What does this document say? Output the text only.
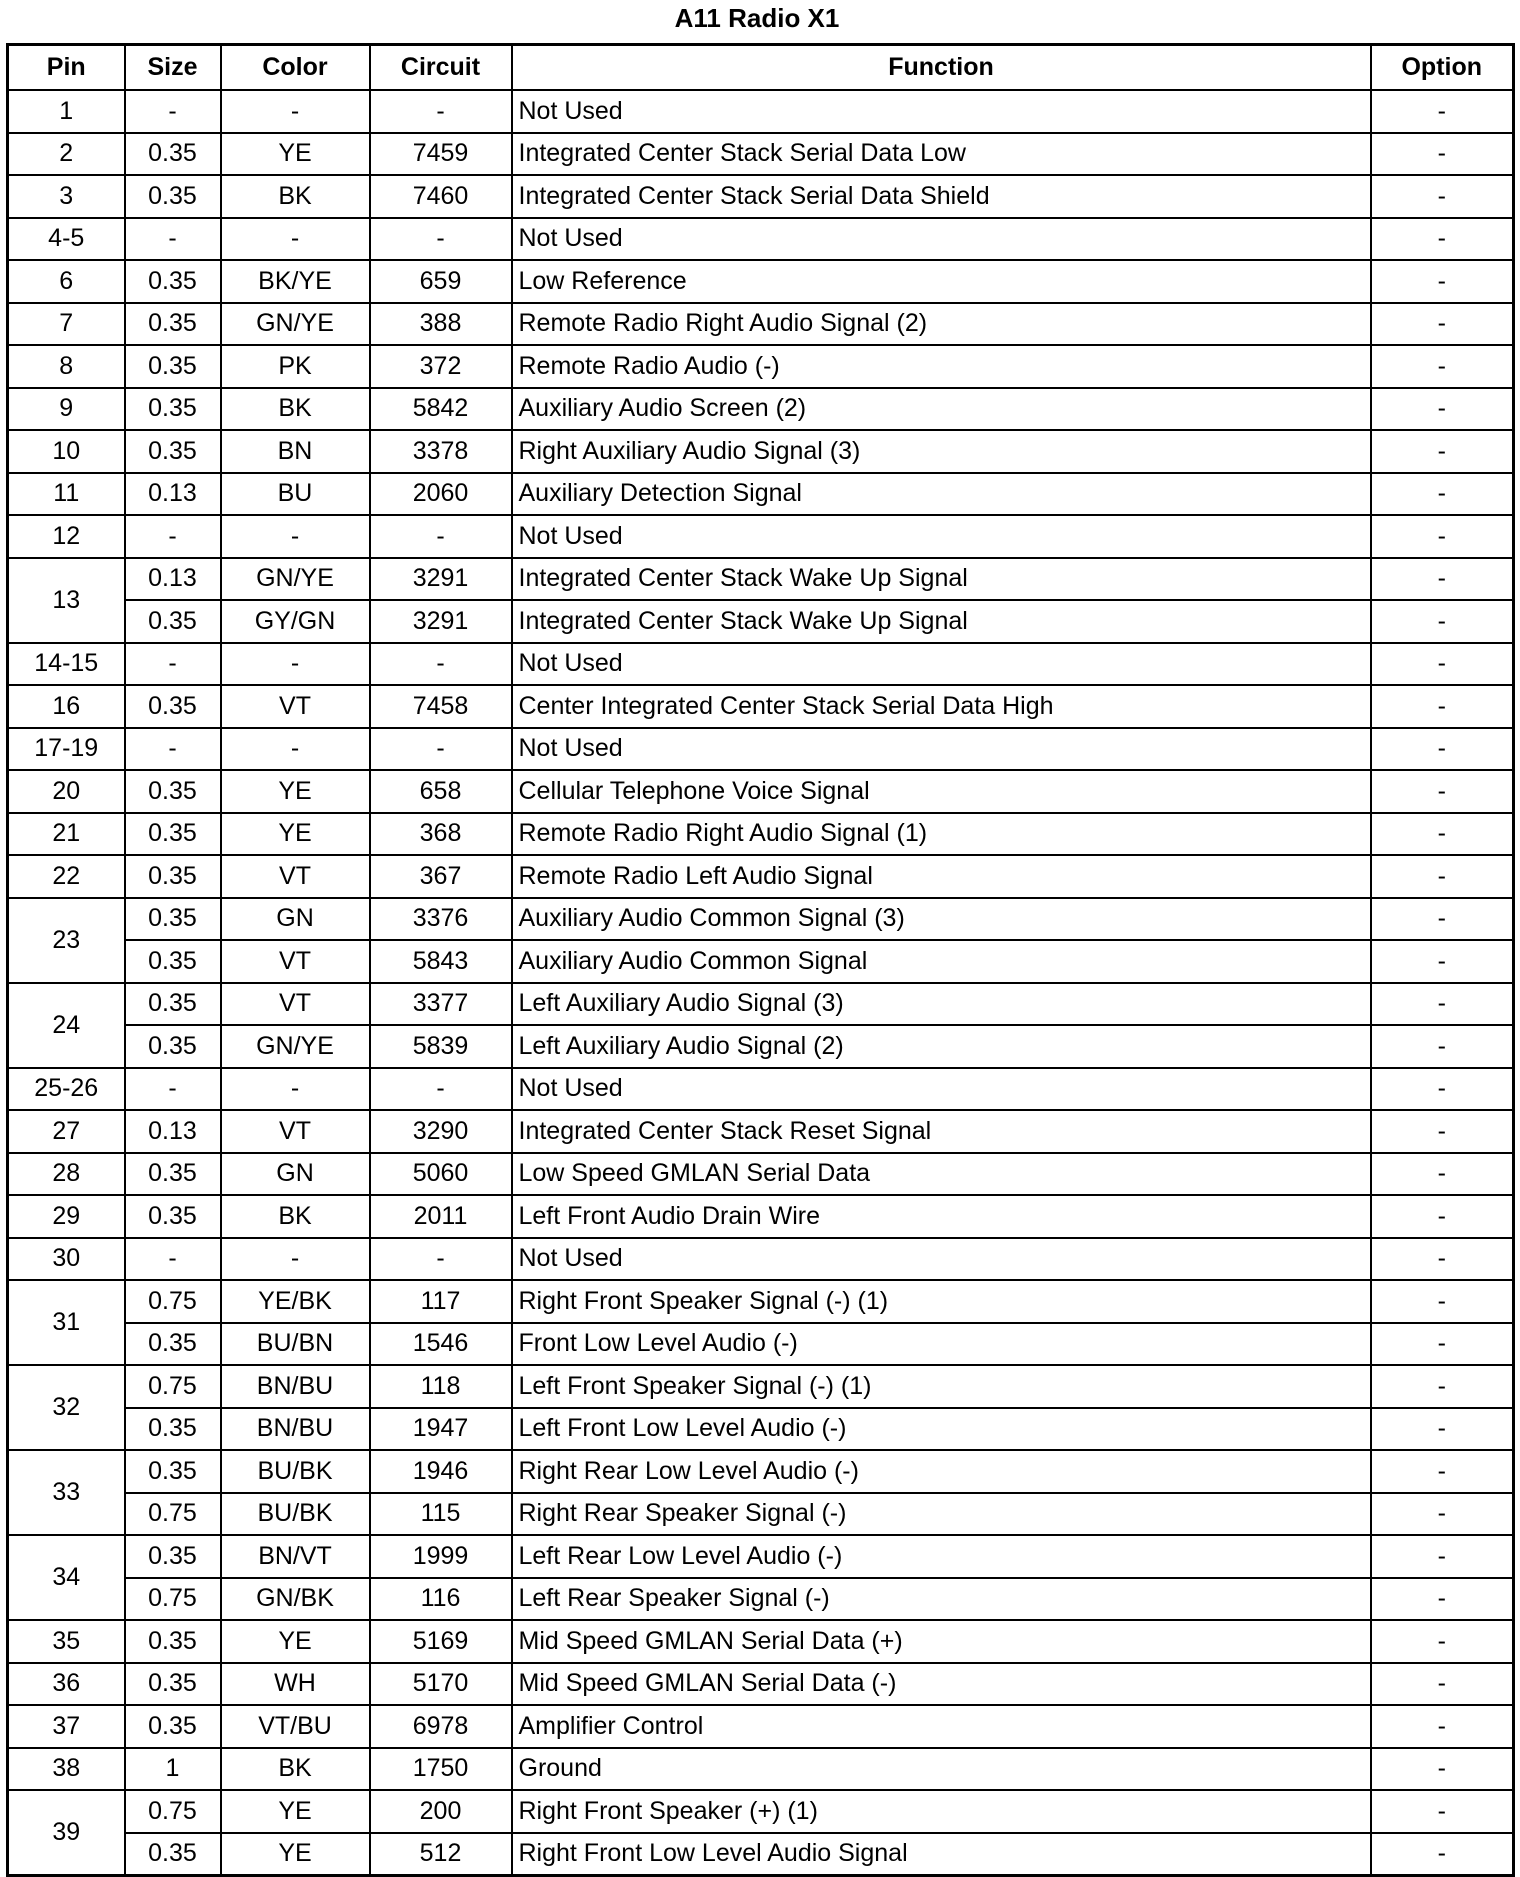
A11 Radio X1
Pin	Size	Color	Circuit	Function	Option
1	-	-	-	Not Used	-
2	0.35	YE	7459	Integrated Center Stack Serial Data Low	-
3	0.35	BK	7460	Integrated Center Stack Serial Data Shield	-
4-5	-	-	-	Not Used	-
6	0.35	BK/YE	659	Low Reference	-
7	0.35	GN/YE	388	Remote Radio Right Audio Signal (2)	-
8	0.35	PK	372	Remote Radio Audio (-)	-
9	0.35	BK	5842	Auxiliary Audio Screen (2)	-
10	0.35	BN	3378	Right Auxiliary Audio Signal (3)	-
11	0.13	BU	2060	Auxiliary Detection Signal	-
12	-	-	-	Not Used	-
13	0.13	GN/YE	3291	Integrated Center Stack Wake Up Signal	-
	0.35	GY/GN	3291	Integrated Center Stack Wake Up Signal	-
14-15	-	-	-	Not Used	-
16	0.35	VT	7458	Center Integrated Center Stack Serial Data High	-
17-19	-	-	-	Not Used	-
20	0.35	YE	658	Cellular Telephone Voice Signal	-
21	0.35	YE	368	Remote Radio Right Audio Signal (1)	-
22	0.35	VT	367	Remote Radio Left Audio Signal	-
23	0.35	GN	3376	Auxiliary Audio Common Signal (3)	-
	0.35	VT	5843	Auxiliary Audio Common Signal	-
24	0.35	VT	3377	Left Auxiliary Audio Signal (3)	-
	0.35	GN/YE	5839	Left Auxiliary Audio Signal (2)	-
25-26	-	-	-	Not Used	-
27	0.13	VT	3290	Integrated Center Stack Reset Signal	-
28	0.35	GN	5060	Low Speed GMLAN Serial Data	-
29	0.35	BK	2011	Left Front Audio Drain Wire	-
30	-	-	-	Not Used	-
31	0.75	YE/BK	117	Right Front Speaker Signal (-) (1)	-
	0.35	BU/BN	1546	Front Low Level Audio (-)	-
32	0.75	BN/BU	118	Left Front Speaker Signal (-) (1)	-
	0.35	BN/BU	1947	Left Front Low Level Audio (-)	-
33	0.35	BU/BK	1946	Right Rear Low Level Audio (-)	-
	0.75	BU/BK	115	Right Rear Speaker Signal (-)	-
34	0.35	BN/VT	1999	Left Rear Low Level Audio (-)	-
	0.75	GN/BK	116	Left Rear Speaker Signal (-)	-
35	0.35	YE	5169	Mid Speed GMLAN Serial Data (+)	-
36	0.35	WH	5170	Mid Speed GMLAN Serial Data (-)	-
37	0.35	VT/BU	6978	Amplifier Control	-
38	1	BK	1750	Ground	-
39	0.75	YE	200	Right Front Speaker (+) (1)	-
	0.35	YE	512	Right Front Low Level Audio Signal	-
